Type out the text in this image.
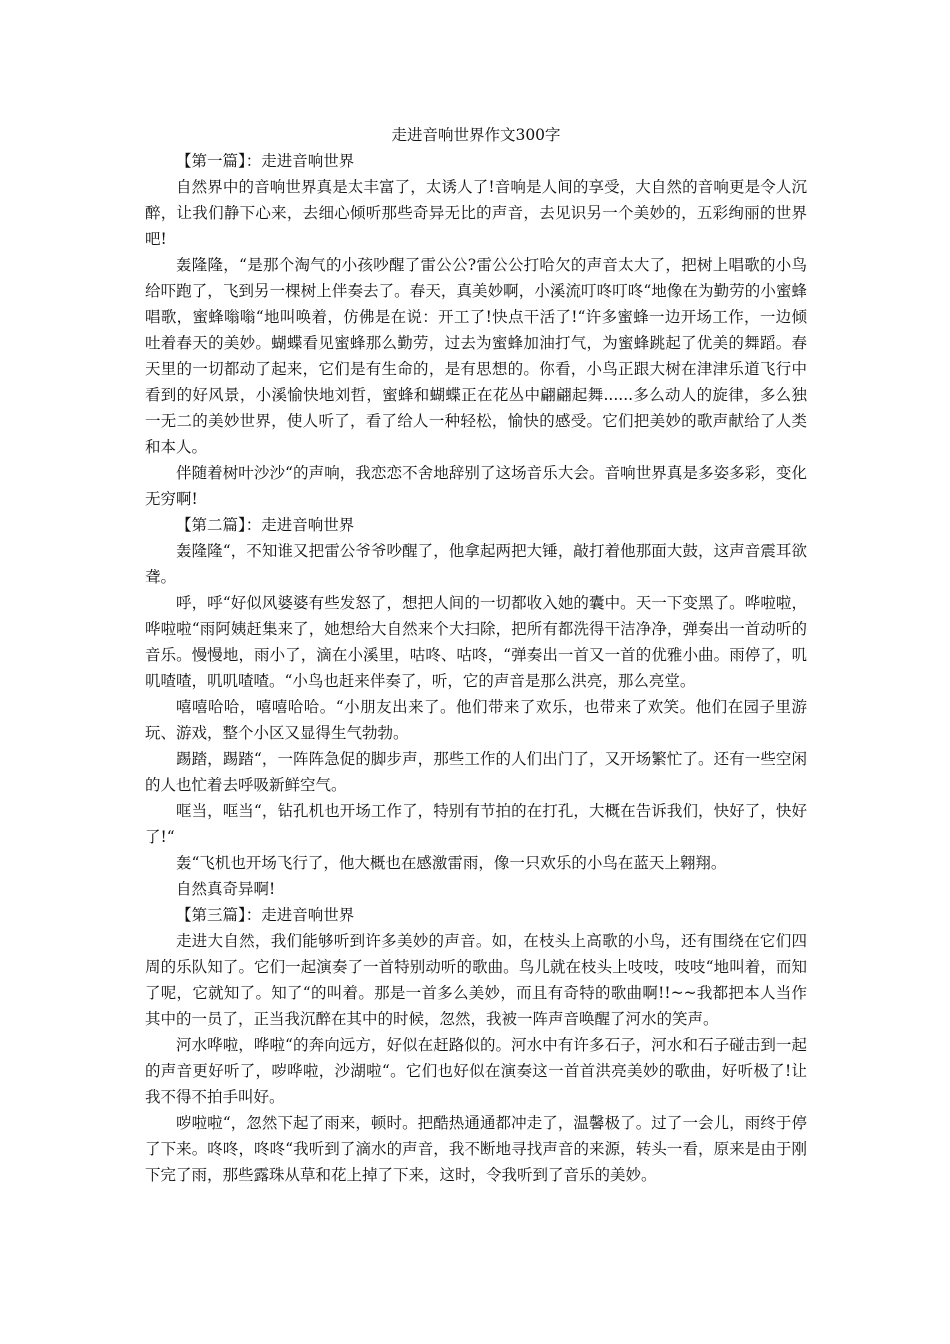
走进音响世界作文300字

【第一篇】：走进音响世界

自然界中的音响世界真是太丰富了，太诱人了!音响是人间的享受，大自然的音响更是令人沉醉，让我们静下心来，去细心倾听那些奇异无比的声音，去见识另一个美妙的，五彩绚丽的世界吧!

轰隆隆，“是那个淘气的小孩吵醒了雷公公?雷公公打哈欠的声音太大了，把树上唱歌的小鸟给吓跑了，飞到另一棵树上伴奏去了。春天，真美妙啊，小溪流叮咚叮咚“地像在为勤劳的小蜜蜂唱歌，蜜蜂嗡嗡“地叫唤着，仿佛是在说：开工了!快点干活了!“许多蜜蜂一边开场工作，一边倾吐着春天的美妙。蝴蝶看见蜜蜂那么勤劳，过去为蜜蜂加油打气，为蜜蜂跳起了优美的舞蹈。春天里的一切都动了起来，它们是有生命的，是有思想的。你看，小鸟正跟大树在津津乐道飞行中看到的好风景，小溪愉快地刘哲，蜜蜂和蝴蝶正在花丛中翩翩起舞......多么动人的旋律，多么独一无二的美妙世界，使人听了，看了给人一种轻松，愉快的感受。它们把美妙的歌声献给了人类和本人。

伴随着树叶沙沙“的声响，我恋恋不舍地辞别了这场音乐大会。音响世界真是多姿多彩，变化无穷啊!

【第二篇】：走进音响世界

轰隆隆“，不知谁又把雷公爷爷吵醒了，他拿起两把大锤，敲打着他那面大鼓，这声音震耳欲聋。

呼，呼“好似风婆婆有些发怒了，想把人间的一切都收入她的囊中。天一下变黑了。哗啦啦，哗啦啦“雨阿姨赶集来了，她想给大自然来个大扫除，把所有都洗得干洁净净，弹奏出一首动听的音乐。慢慢地，雨小了，滴在小溪里，咕咚、咕咚，“弹奏出一首又一首的优雅小曲。雨停了，叽叽喳喳，叽叽喳喳。“小鸟也赶来伴奏了，听，它的声音是那么洪亮，那么亮堂。

嘻嘻哈哈，嘻嘻哈哈。“小朋友出来了。他们带来了欢乐，也带来了欢笑。他们在园子里游玩、游戏，整个小区又显得生气勃勃。

踢踏，踢踏“，一阵阵急促的脚步声，那些工作的人们出门了，又开场繁忙了。还有一些空闲的人也忙着去呼吸新鲜空气。

哐当，哐当“，钻孔机也开场工作了，特别有节拍的在打孔，大概在告诉我们，快好了，快好了!“

轰“飞机也开场飞行了，他大概也在感激雷雨，像一只欢乐的小鸟在蓝天上翱翔。

自然真奇异啊!

【第三篇】：走进音响世界

走进大自然，我们能够听到许多美妙的声音。如，在枝头上高歌的小鸟，还有围绕在它们四周的乐队知了。它们一起演奏了一首特别动听的歌曲。鸟儿就在枝头上吱吱，吱吱“地叫着，而知了呢，它就知了。知了“的叫着。那是一首多么美妙，而且有奇特的歌曲啊!!~~我都把本人当作其中的一员了，正当我沉醉在其中的时候，忽然，我被一阵声音唤醒了河水的笑声。

河水哗啦，哗啦“的奔向远方，好似在赶路似的。河水中有许多石子，河水和石子碰击到一起的声音更好听了，哕哗啦，沙湖啦“。它们也好似在演奏这一首首洪亮美妙的歌曲，好听极了!让我不得不拍手叫好。

哕啦啦“，忽然下起了雨来，顿时。把酷热通通都冲走了，温馨极了。过了一会儿，雨终于停了下来。咚咚，咚咚“我听到了滴水的声音，我不断地寻找声音的来源，转头一看，原来是由于刚下完了雨，那些露珠从草和花上掉了下来，这时，令我听到了音乐的美妙。
